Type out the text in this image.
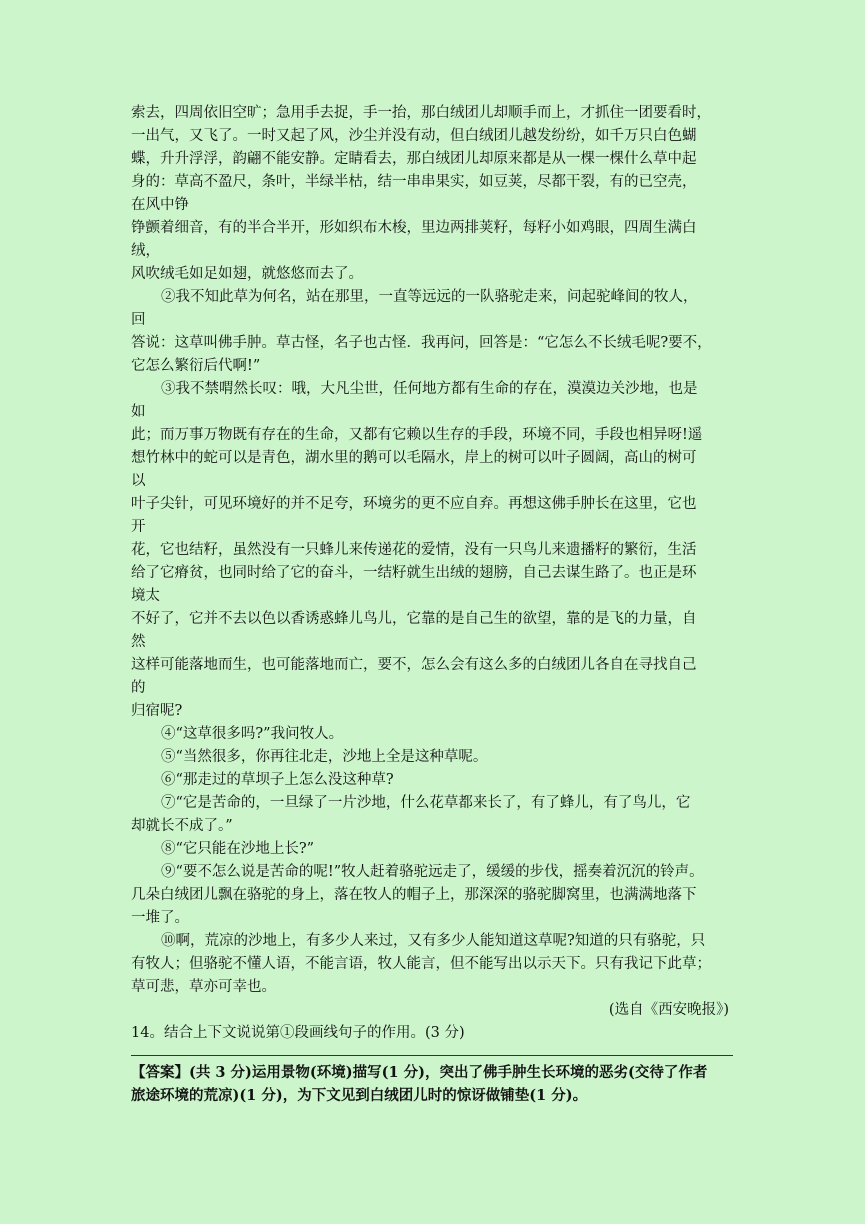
索去，四周依旧空旷；急用手去捉，手一抬，那白绒团儿却顺手而上，才抓住一团要看时，
一出气，又飞了。一时又起了风，沙尘并没有动，但白绒团儿越发纷纷，如千万只白色蝴
蝶，升升浮浮，韵翩不能安静。定睛看去，那白绒团儿却原来都是从一棵一棵什么草中起
身的：草高不盈尺，条叶，半绿半枯，结一串串果实，如豆荚，尽都干裂，有的已空壳，
在风中铮
铮颤着细音，有的半合半开，形如织布木梭，里边两排荚籽，每籽小如鸡眼，四周生满白
绒，
风吹绒毛如足如翅，就悠悠而去了。
②我不知此草为何名，站在那里，一直等远远的一队骆驼走来，问起驼峰间的牧人，
回
答说：这草叫佛手肿。草古怪，名子也古怪．我再问，回答是：“它怎么不长绒毛呢?要不，
它怎么繁衍后代啊!”
③我不禁喟然长叹：哦，大凡尘世，任何地方都有生命的存在，漠漠边关沙地，也是
如
此；而万事万物既有存在的生命，又都有它赖以生存的手段，环境不同，手段也相异呀!遥
想竹林中的蛇可以是青色，湖水里的鹅可以毛隔水，岸上的树可以叶子圆阔，高山的树可
以
叶子尖针，可见环境好的并不足夸，环境劣的更不应自弃。再想这佛手肿长在这里，它也
开
花，它也结籽，虽然没有一只蜂儿来传递花的爱情，没有一只鸟儿来遗播籽的繁衍，生活
给了它瘠贫，也同时给了它的奋斗，一结籽就生出绒的翅膀，自己去谋生路了。也正是环
境太
不好了，它并不去以色以香诱惑蜂儿鸟儿，它靠的是自己生的欲望，靠的是飞的力量，自
然
这样可能落地而生，也可能落地而亡，要不，怎么会有这么多的白绒团儿各自在寻找自己
的
归宿呢?
④“这草很多吗?”我问牧人。
⑤“当然很多，你再往北走，沙地上全是这种草呢。
⑥“那走过的草坝子上怎么没这种草?
⑦“它是苦命的，一旦绿了一片沙地，什么花草都来长了，有了蜂儿，有了鸟儿，它
却就长不成了。”
⑧“它只能在沙地上长?”
⑨“要不怎么说是苦命的呢!”牧人赶着骆驼远走了，缓缓的步伐，摇奏着沉沉的铃声。
几朵白绒团儿飘在骆驼的身上，落在牧人的帽子上，那深深的骆驼脚窝里，也满满地落下
一堆了。
⑩啊，荒凉的沙地上，有多少人来过，又有多少人能知道这草呢?知道的只有骆驼，只
有牧人；但骆驼不懂人语，不能言语，牧人能言，但不能写出以示天下。只有我记下此草；
草可悲，草亦可幸也。
(选自《西安晚报》)
14。结合上下文说说第①段画线句子的作用。(3 分)
【答案】(共 3 分)运用景物(环境)描写(1 分)，突出了佛手肿生长环境的恶劣(交待了作者
旅途环境的荒凉)(1 分)，为下文见到白绒团儿时的惊讶做铺垫(1 分)。
